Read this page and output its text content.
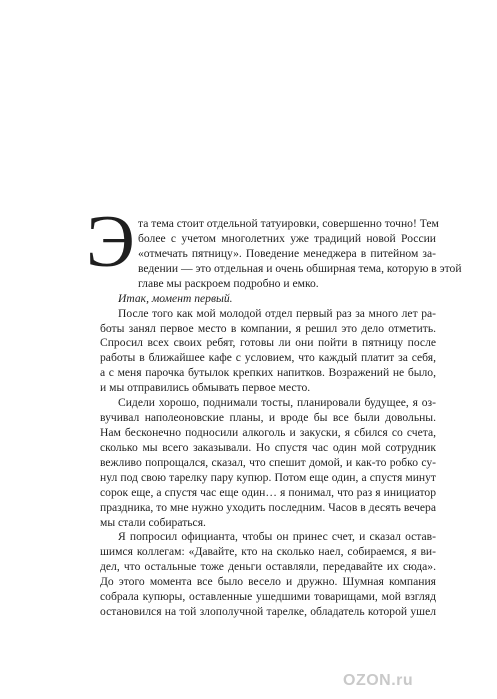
Э та тема стоит отдельной татуировки, совершенно точно! Тем
более с учетом многолетних уже традиций новой России
«отмечать пятницу». Поведение менеджера в питейном за-
ведении — это отдельная и очень обширная тема, которую в этой
главе мы раскроем подробно и емко.
Итак, момент первый.
После того как мой молодой отдел первый раз за много лет ра-
боты занял первое место в компании, я решил это дело отметить.
Спросил всех своих ребят, готовы ли они пойти в пятницу после
работы в ближайшее кафе с условием, что каждый платит за себя,
а с меня парочка бутылок крепких напитков. Возражений не было,
и мы отправились обмывать первое место.
Сидели хорошо, поднимали тосты, планировали будущее, я оз-
вучивал наполеоновские планы, и вроде бы все были довольны.
Нам бесконечно подносили алкоголь и закуски, я сбился со счета,
сколько мы всего заказывали. Но спустя час один мой сотрудник
вежливо попрощался, сказал, что спешит домой, и как-то робко су-
нул под свою тарелку пару купюр. Потом еще один, а спустя минут
сорок еще, а спустя час еще один… я понимал, что раз я инициатор
праздника, то мне нужно уходить последним. Часов в десять вечера
мы стали собираться.
Я попросил официанта, чтобы он принес счет, и сказал остав-
шимся коллегам: «Давайте, кто на сколько наел, собираемся, я ви-
дел, что остальные тоже деньги оставляли, передавайте их сюда».
До этого момента все было весело и дружно. Шумная компания
собрала купюры, оставленные ушедшими товарищами, мой взгляд
остановился на той злополучной тарелке, обладатель которой ушел
OZON.ru
